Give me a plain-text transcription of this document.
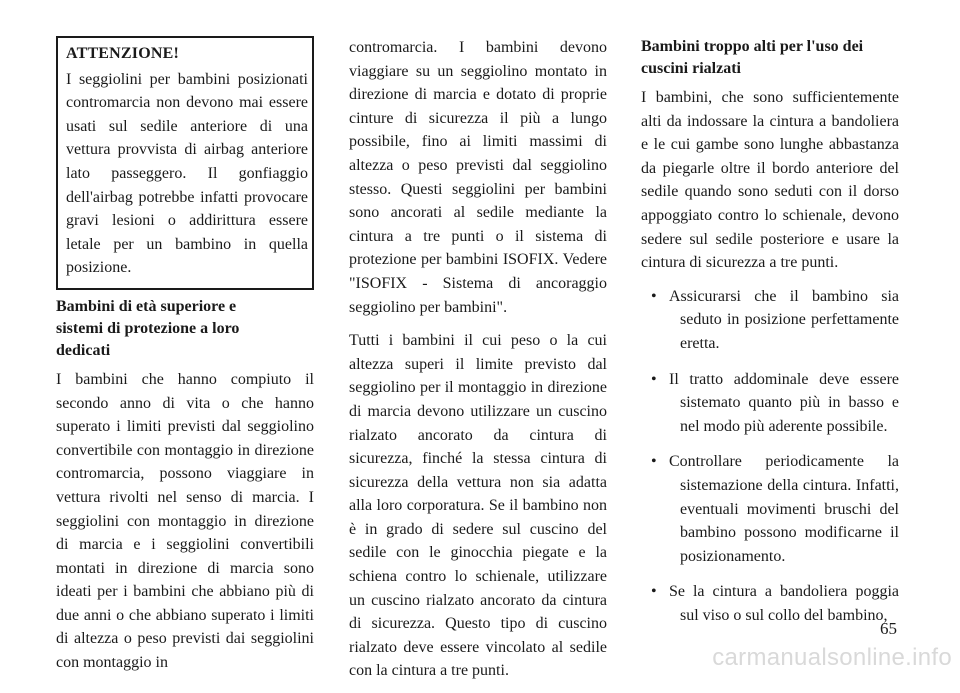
ATTENZIONE!

I seggiolini per bambini posizionati contromarcia non devono mai essere usati sul sedile anteriore di una vettura provvista di airbag anteriore lato passeggero. Il gonfiaggio dell'airbag potrebbe infatti provocare gravi lesioni o addirittura essere letale per un bambino in quella posizione.

Bambini di età superiore e sistemi di protezione a loro dedicati

I bambini che hanno compiuto il secondo anno di vita o che hanno superato i limiti previsti dal seggiolino convertibile con montaggio in direzione contromarcia, possono viaggiare in vettura rivolti nel senso di marcia. I seggiolini con montaggio in direzione di marcia e i seggiolini convertibili montati in direzione di marcia sono ideati per i bambini che abbiano più di due anni o che abbiano superato i limiti di altezza o peso previsti dai seggiolini con montaggio in

contromarcia. I bambini devono viaggiare su un seggiolino montato in direzione di marcia e dotato di proprie cinture di sicurezza il più a lungo possibile, fino ai limiti massimi di altezza o peso previsti dal seggiolino stesso. Questi seggiolini per bambini sono ancorati al sedile mediante la cintura a tre punti o il sistema di protezione per bambini ISOFIX. Vedere "ISOFIX - Sistema di ancoraggio seggiolino per bambini".

Tutti i bambini il cui peso o la cui altezza superi il limite previsto dal seggiolino per il montaggio in direzione di marcia devono utilizzare un cuscino rialzato ancorato da cintura di sicurezza, finché la stessa cintura di sicurezza della vettura non sia adatta alla loro corporatura. Se il bambino non è in grado di sedere sul cuscino del sedile con le ginocchia piegate e la schiena contro lo schienale, utilizzare un cuscino rialzato ancorato da cintura di sicurezza. Questo tipo di cuscino rialzato deve essere vincolato al sedile con la cintura a tre punti.

Bambini troppo alti per l'uso dei cuscini rialzati

I bambini, che sono sufficientemente alti da indossare la cintura a bandoliera e le cui gambe sono lunghe abbastanza da piegarle oltre il bordo anteriore del sedile quando sono seduti con il dorso appoggiato contro lo schienale, devono sedere sul sedile posteriore e usare la cintura di sicurezza a tre punti.

• Assicurarsi che il bambino sia seduto in posizione perfettamente eretta.
• Il tratto addominale deve essere sistemato quanto più in basso e nel modo più aderente possibile.
• Controllare periodicamente la sistemazione della cintura. Infatti, eventuali movimenti bruschi del bambino possono modificarne il posizionamento.
• Se la cintura a bandoliera poggia sul viso o sul collo del bambino,
65
carmanualsonline.info
